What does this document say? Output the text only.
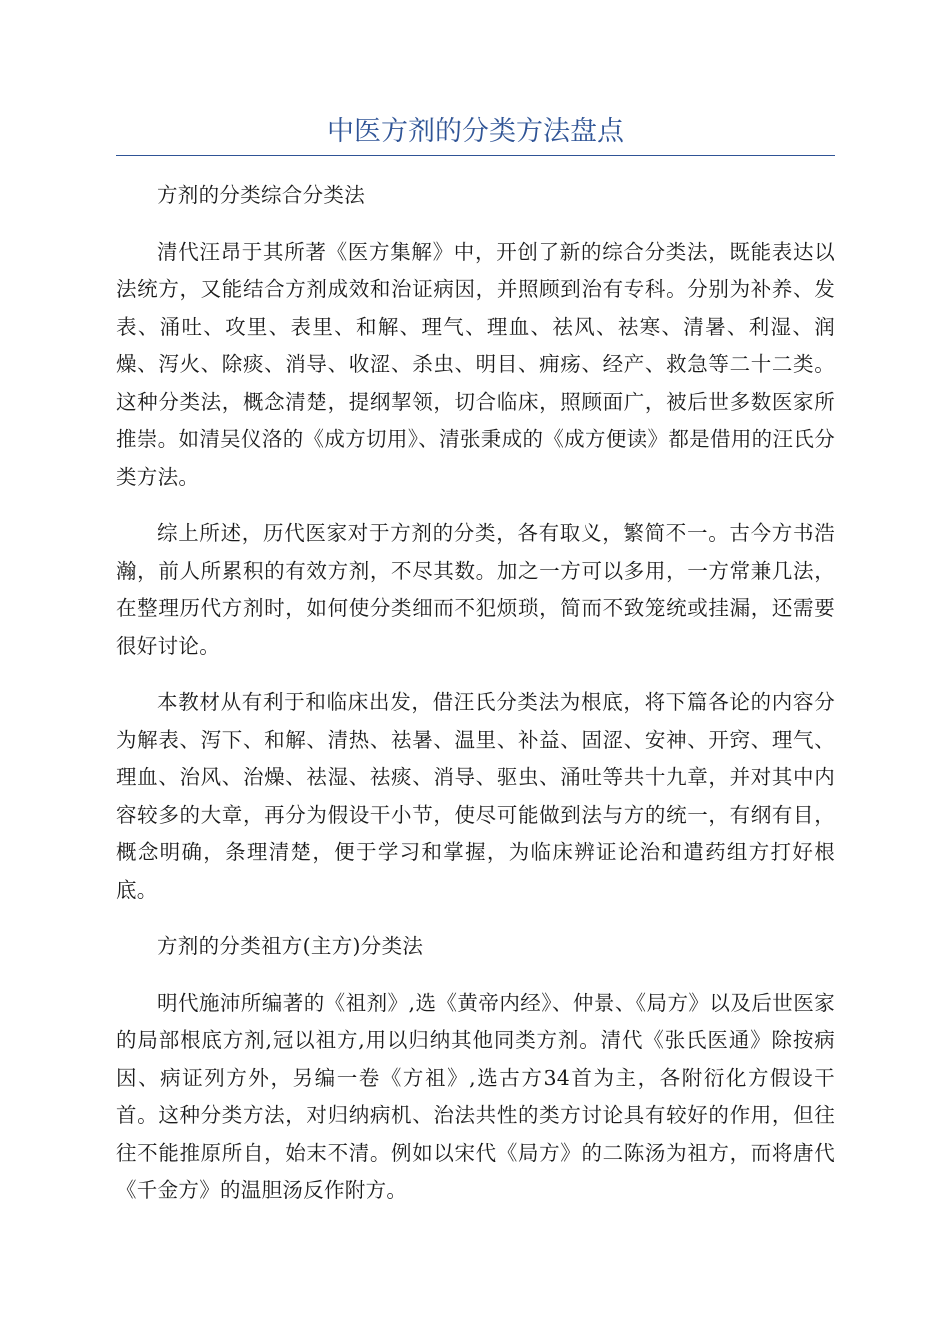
中医方剂的分类方法盘点

方剂的分类综合分类法

清代汪昂于其所著《医方集解》中，开创了新的综合分类法，既能表达以法统方，又能结合方剂成效和治证病因，并照顾到治有专科。分别为补养、发表、涌吐、攻里、表里、和解、理气、理血、祛风、祛寒、清暑、利湿、润燥、泻火、除痰、消导、收涩、杀虫、明目、痈疡、经产、救急等二十二类。这种分类法，概念清楚，提纲挈领，切合临床，照顾面广，被后世多数医家所推崇。如清吴仪洛的《成方切用》、清张秉成的《成方便读》都是借用的汪氏分类方法。

综上所述，历代医家对于方剂的分类，各有取义，繁简不一。古今方书浩瀚，前人所累积的有效方剂，不尽其数。加之一方可以多用，一方常兼几法，在整理历代方剂时，如何使分类细而不犯烦琐，简而不致笼统或挂漏，还需要很好讨论。

本教材从有利于和临床出发，借汪氏分类法为根底，将下篇各论的内容分为解表、泻下、和解、清热、祛暑、温里、补益、固涩、安神、开窍、理气、理血、治风、治燥、祛湿、祛痰、消导、驱虫、涌吐等共十九章，并对其中内容较多的大章，再分为假设干小节，使尽可能做到法与方的统一，有纲有目，概念明确，条理清楚，便于学习和掌握，为临床辨证论治和遣药组方打好根底。

方剂的分类祖方(主方)分类法

明代施沛所编著的《祖剂》,选《黄帝内经》、仲景、《局方》以及后世医家的局部根底方剂,冠以祖方,用以归纳其他同类方剂。清代《张氏医通》除按病因、病证列方外，另编一卷《方祖》,选古方34首为主，各附衍化方假设干首。这种分类方法，对归纳病机、治法共性的类方讨论具有较好的作用，但往往不能推原所自，始末不清。例如以宋代《局方》的二陈汤为祖方，而将唐代《千金方》的温胆汤反作附方。
